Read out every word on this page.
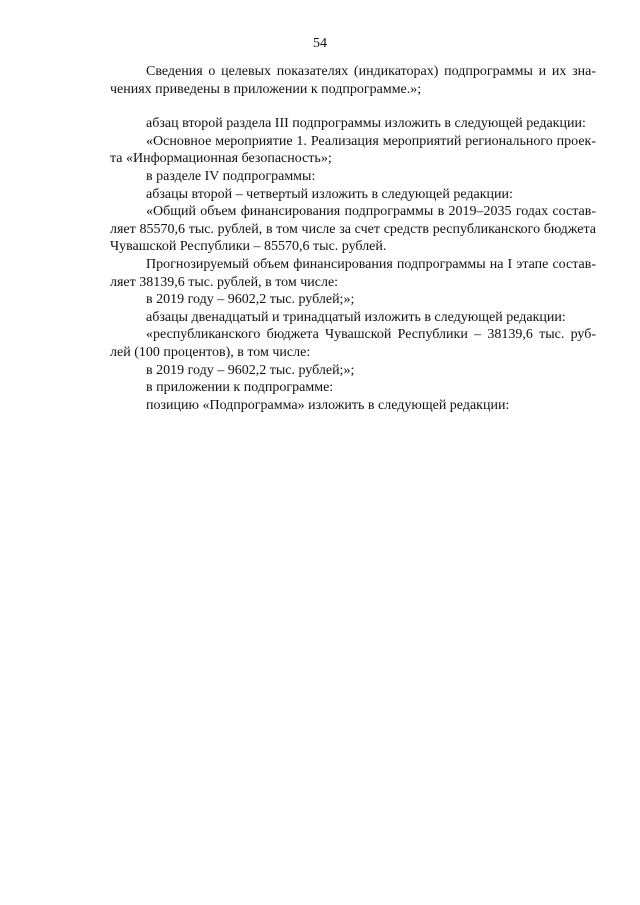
54
Сведения о целевых показателях (индикаторах) подпрограммы и их зна-
чениях приведены в приложении к подпрограмме.»;
абзац второй раздела III подпрограммы изложить в следующей редакции:
«Основное мероприятие 1. Реализация мероприятий регионального проек-
та «Информационная безопасность»;
в разделе IV подпрограммы:
абзацы второй – четвертый изложить в следующей редакции:
«Общий объем финансирования подпрограммы в 2019–2035 годах состав-
ляет 85570,6 тыс. рублей, в том числе за счет средств республиканского бюджета
Чувашской Республики – 85570,6 тыс. рублей.
Прогнозируемый объем финансирования подпрограммы на I этапе состав-
ляет 38139,6 тыс. рублей, в том числе:
в 2019 году – 9602,2 тыс. рублей;»;
абзацы двенадцатый и тринадцатый изложить в следующей редакции:
«республиканского бюджета Чувашской Республики – 38139,6 тыс. руб-
лей (100 процентов), в том числе:
в 2019 году – 9602,2 тыс. рублей;»;
в приложении к подпрограмме:
позицию «Подпрограмма» изложить в следующей редакции:
